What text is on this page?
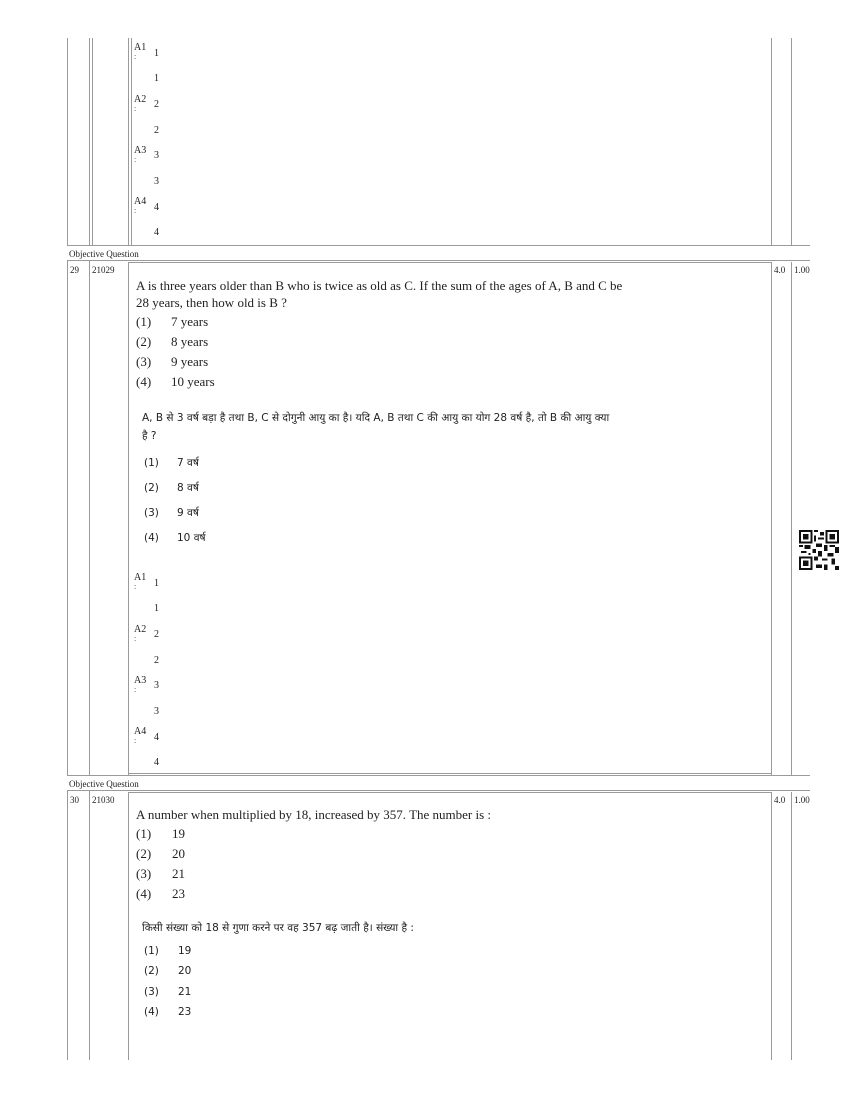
Objective Question
Objective Question
A1
:	1
1
A2
:	2
2
A3
:	3
3
A4
:	4
4
29 21029	4.0 1.00
A is three years older than B who is twice as old as C. If the sum of the ages of A, B and C be
28 years, then how old is B ?
(1) 7 years
(2) 8 years
(3) 9 years
(4) 10 years
A, B से 3 वर्ष बड़ा है तथा B, C से दोगुनी आयु का है। यदि A, B तथा C की आयु का योग 28 वर्ष है, तो B की आयु क्या
है ?
(1) 7 वर्ष
(2) 8 वर्ष
(3) 9 वर्ष
(4) 10 वर्ष
A1
:	1
1
A2
:	2
2
A3
:	3
3
A4
:	4
4
30 21030	4.0 1.00
A number when multiplied by 18, increased by 357. The number is :
(1) 19
(2) 20
(3) 21
(4) 23
किसी संख्या को 18 से गुणा करने पर वह 357 बढ़ जाती है। संख्या है :
(1) 19
(2) 20
(3) 21
(4) 23
